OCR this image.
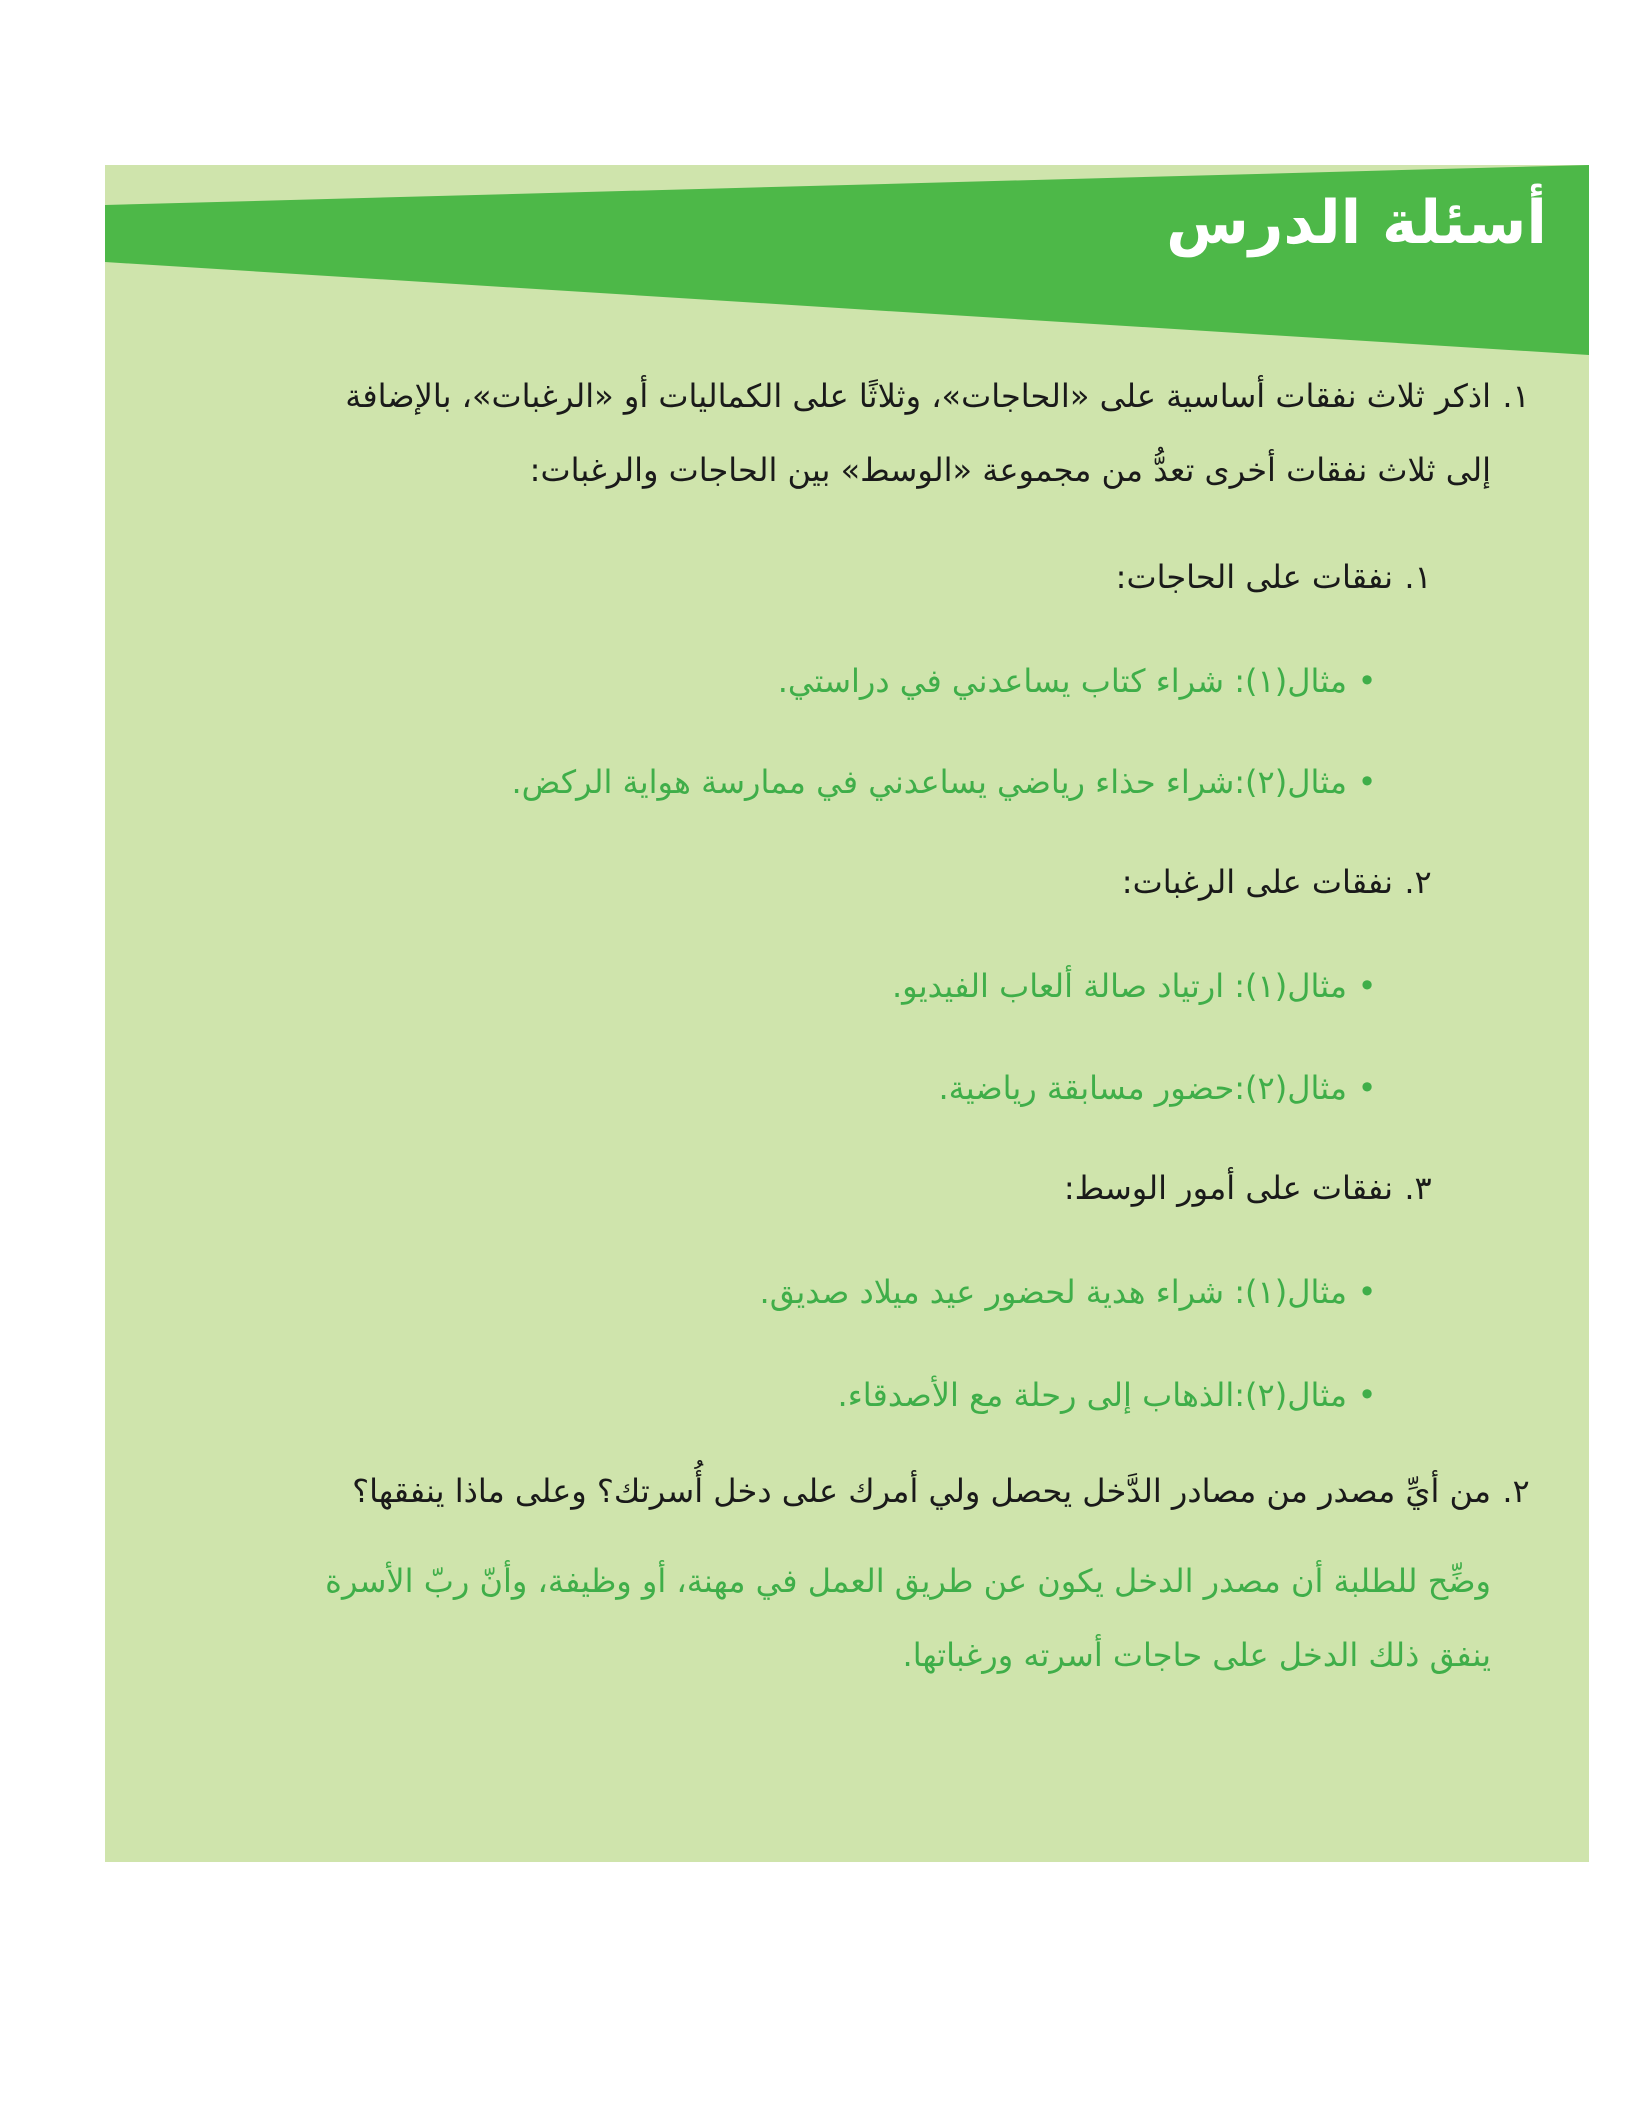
أسئلة الدرس
١.اذكر ثلاث نفقات أساسية على «الحاجات»، وثلاثًا على الكماليات أو «الرغبات»، بالإضافة
إلى ثلاث نفقات أخرى تعدُّ من مجموعة «الوسط» بين الحاجات والرغبات:
١.نفقات على الحاجات:
•مثال(١): شراء كتاب يساعدني في دراستي.
•مثال(٢):شراء حذاء رياضي يساعدني في ممارسة هواية الركض.
٢.نفقات على الرغبات:
•مثال(١): ارتياد صالة ألعاب الفيديو.
•مثال(٢):حضور مسابقة رياضية.
٣.نفقات على أمور الوسط:
•مثال(١): شراء هدية لحضور عيد ميلاد صديق.
•مثال(٢):الذهاب إلى رحلة مع الأصدقاء.
٢.من أيِّ مصدر من مصادر الدَّخل يحصل ولي أمرك على دخل أُسرتك؟ وعلى ماذا ينفقها؟
وضِّح للطلبة أن مصدر الدخل يكون عن طريق العمل في مهنة، أو وظيفة، وأنّ ربّ الأسرة
ينفق ذلك الدخل على حاجات أسرته ورغباتها.
